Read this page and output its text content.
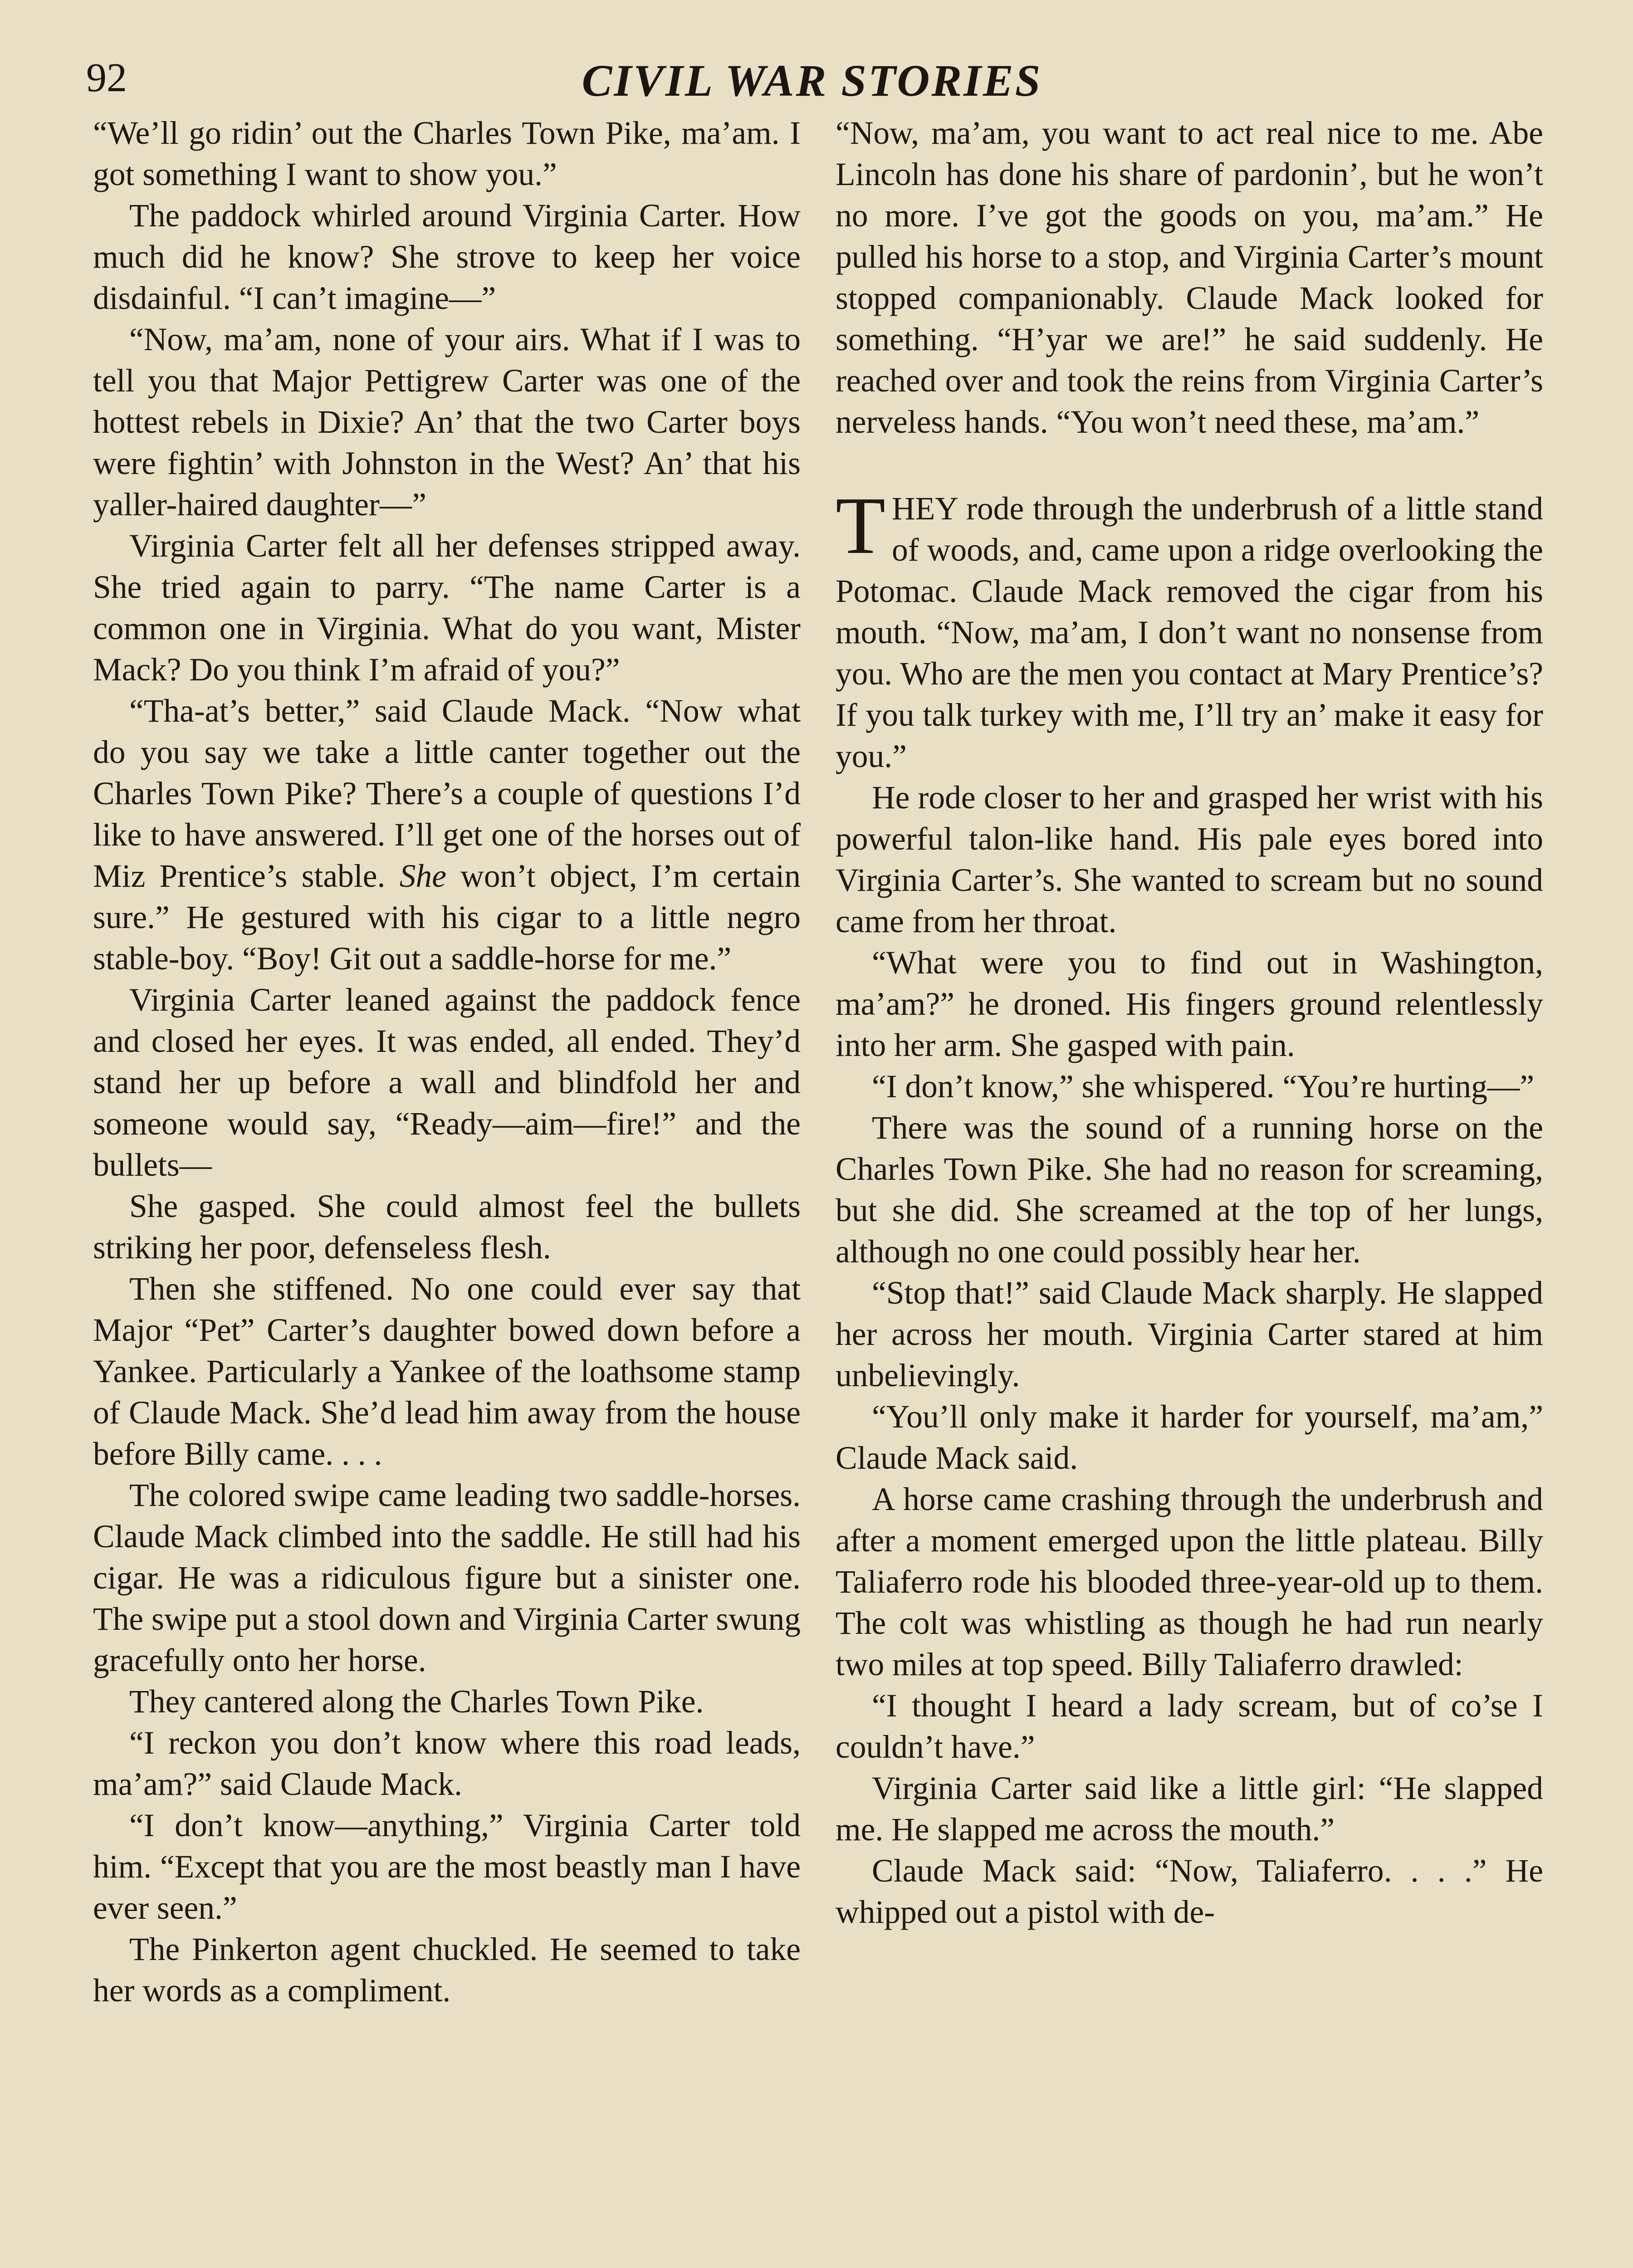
92	CIVIL WAR STORIES

“We’ll go ridin’ out the Charles Town Pike, ma’am. I got something I want to show you.”

The paddock whirled around Virginia Carter. How much did he know? She strove to keep her voice disdainful. “I can’t imagine—”

“Now, ma’am, none of your airs. What if I was to tell you that Major Pettigrew Carter was one of the hottest rebels in Dixie? An’ that the two Carter boys were fightin’ with Johnston in the West? An’ that his yaller-haired daughter—”

Virginia Carter felt all her defenses stripped away. She tried again to parry. “The name Carter is a common one in Virginia. What do you want, Mister Mack? Do you think I’m afraid of you?”

“Tha-at’s better,” said Claude Mack. “Now what do you say we take a little canter together out the Charles Town Pike? There’s a couple of questions I’d like to have answered. I’ll get one of the horses out of Miz Prentice’s stable. She won’t object, I’m certain sure.” He gestured with his cigar to a little negro stable-boy. “Boy! Git out a saddle-horse for me.”

Virginia Carter leaned against the paddock fence and closed her eyes. It was ended, all ended. They’d stand her up before a wall and blindfold her and someone would say, “Ready—aim—fire!” and the bullets—

She gasped. She could almost feel the bullets striking her poor, defenseless flesh.

Then she stiffened. No one could ever say that Major “Pet” Carter’s daughter bowed down before a Yankee. Particularly a Yankee of the loathsome stamp of Claude Mack. She’d lead him away from the house before Billy came. . . .

The colored swipe came leading two saddle-horses. Claude Mack climbed into the saddle. He still had his cigar. He was a ridiculous figure but a sinister one. The swipe put a stool down and Virginia Carter swung gracefully onto her horse.

They cantered along the Charles Town Pike.

“I reckon you don’t know where this road leads, ma’am?” said Claude Mack.

“I don’t know—anything,” Virginia Carter told him. “Except that you are the most beastly man I have ever seen.”

The Pinkerton agent chuckled. He seemed to take her words as a compliment.

“Now, ma’am, you want to act real nice to me. Abe Lincoln has done his share of pardonin’, but he won’t no more. I’ve got the goods on you, ma’am.” He pulled his horse to a stop, and Virginia Carter’s mount stopped companionably. Claude Mack looked for something. “H’yar we are!” he said suddenly. He reached over and took the reins from Virginia Carter’s nerveless hands. “You won’t need these, ma’am.”

THEY rode through the underbrush of a little stand of woods, and, came upon a ridge overlooking the Potomac. Claude Mack removed the cigar from his mouth. “Now, ma’am, I don’t want no nonsense from you. Who are the men you contact at Mary Prentice’s? If you talk turkey with me, I’ll try an’ make it easy for you.”

He rode closer to her and grasped her wrist with his powerful talon-like hand. His pale eyes bored into Virginia Carter’s. She wanted to scream but no sound came from her throat.

“What were you to find out in Washington, ma’am?” he droned. His fingers ground relentlessly into her arm. She gasped with pain.

“I don’t know,” she whispered. “You’re hurting—”

There was the sound of a running horse on the Charles Town Pike. She had no reason for screaming, but she did. She screamed at the top of her lungs, although no one could possibly hear her.

“Stop that!” said Claude Mack sharply. He slapped her across her mouth. Virginia Carter stared at him unbelievingly.

“You’ll only make it harder for yourself, ma’am,” Claude Mack said.

A horse came crashing through the underbrush and after a moment emerged upon the little plateau. Billy Taliaferro rode his blooded three-year-old up to them. The colt was whistling as though he had run nearly two miles at top speed. Billy Taliaferro drawled:

“I thought I heard a lady scream, but of co’se I couldn’t have.”

Virginia Carter said like a little girl: “He slapped me. He slapped me across the mouth.”

Claude Mack said: “Now, Taliaferro. . . .” He whipped out a pistol with de-
